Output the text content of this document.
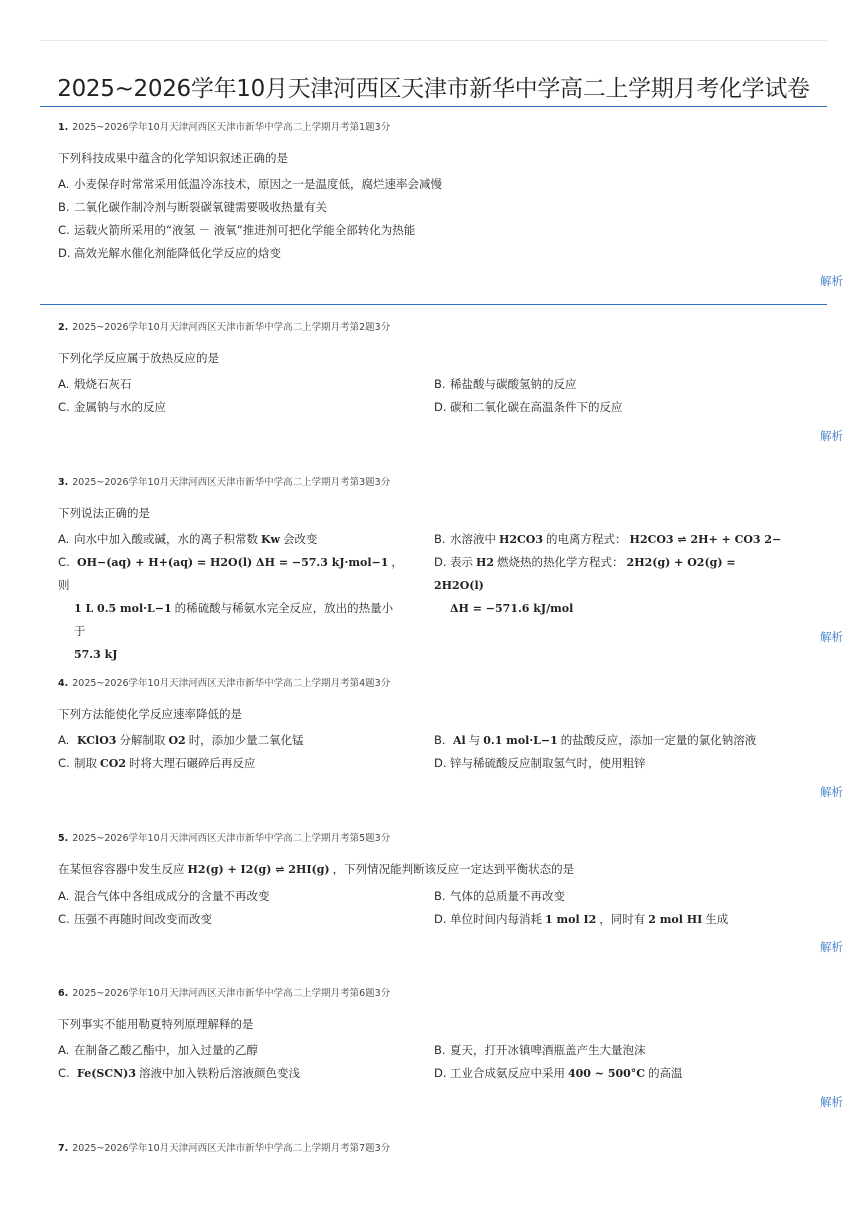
2025~2026学年10月天津河西区天津市新华中学高二上学期月考化学试卷
1. 2025~2026学年10月天津河西区天津市新华中学高二上学期月考第1题3分
下列科技成果中蕴含的化学知识叙述正确的是
A. 小麦保存时常常采用低温冷冻技术，原因之一是温度低，腐烂速率会减慢
B. 二氧化碳作制冷剂与断裂碳氧键需要吸收热量有关
C. 运载火箭所采用的“液氢 － 液氧”推进剂可把化学能全部转化为热能
D. 高效光解水催化剂能降低化学反应的焓变
解析
2. 2025~2026学年10月天津河西区天津市新华中学高二上学期月考第2题3分
下列化学反应属于放热反应的是
A. 煅烧石灰石	B. 稀盐酸与碳酸氢钠的反应
C. 金属钠与水的反应	D. 碳和二氧化碳在高温条件下的反应
解析
3. 2025~2026学年10月天津河西区天津市新华中学高二上学期月考第3题3分
下列说法正确的是
A. 向水中加入酸或碱，水的离子积常数 Kw 会改变	B. 水溶液中 H2CO3 的电离方程式： H2CO3 ⇌ 2H+ + CO3 2−
C. OH−(aq) + H+(aq) = H2O(l) ΔH = −57.3 kJ·mol−1 ，则
1 L 0.5 mol·L−1 的稀硫酸与稀氨水完全反应，放出的热量小于
57.3 kJ
D. 表示 H2 燃烧热的热化学方程式： 2H2(g) + O2(g) = 2H2O(l)
ΔH = −571.6 kJ/mol
解析
4. 2025~2026学年10月天津河西区天津市新华中学高二上学期月考第4题3分
下列方法能使化学反应速率降低的是
A. KClO3 分解制取 O2 时，添加少量二氧化锰	B. Al 与 0.1 mol·L−1 的盐酸反应，添加一定量的氯化钠溶液
C. 制取 CO2 时将大理石碾碎后再反应	D. 锌与稀硫酸反应制取氢气时，使用粗锌
解析
5. 2025~2026学年10月天津河西区天津市新华中学高二上学期月考第5题3分
在某恒容容器中发生反应 H2(g) + I2(g) ⇌ 2HI(g) ，下列情况能判断该反应一定达到平衡状态的是
A. 混合气体中各组成成分的含量不再改变	B. 气体的总质量不再改变
C. 压强不再随时间改变而改变	D. 单位时间内每消耗 1 mol I2 ，同时有 2 mol HI 生成
解析
6. 2025~2026学年10月天津河西区天津市新华中学高二上学期月考第6题3分
下列事实不能用勒夏特列原理解释的是
A. 在制备乙酸乙酯中，加入过量的乙醇	B. 夏天，打开冰镇啤酒瓶盖产生大量泡沫
C. Fe(SCN)3 溶液中加入铁粉后溶液颜色变浅	D. 工业合成氨反应中采用 400 ~ 500°C 的高温
解析
7. 2025~2026学年10月天津河西区天津市新华中学高二上学期月考第7题3分
